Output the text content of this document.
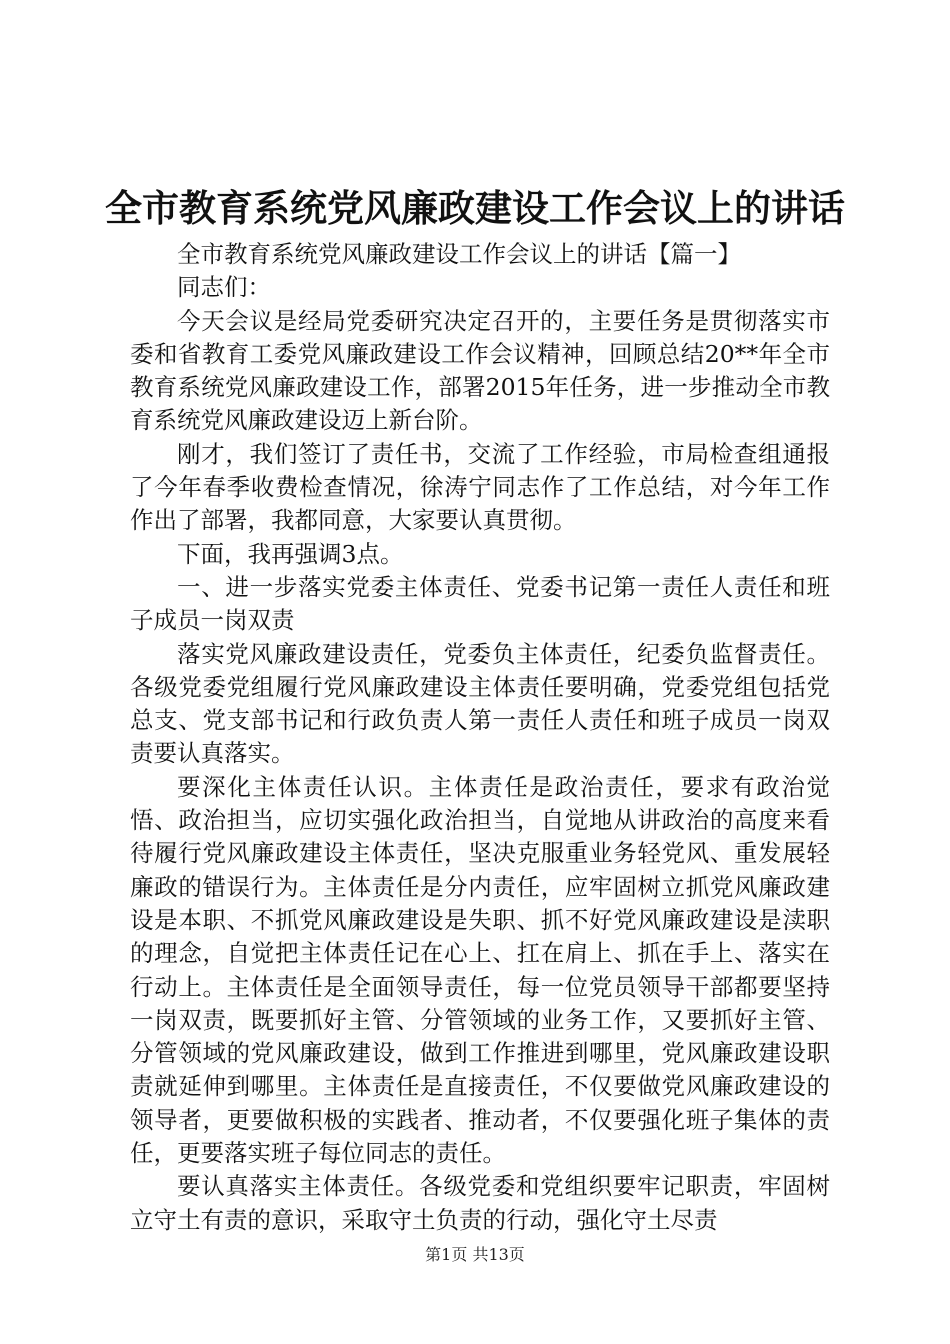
全市教育系统党风廉政建设工作会议上的讲话

全市教育系统党风廉政建设工作会议上的讲话【篇一】

同志们：

今天会议是经局党委研究决定召开的，主要任务是贯彻落实市委和省教育工委党风廉政建设工作会议精神，回顾总结20**年全市教育系统党风廉政建设工作，部署2015年任务，进一步推动全市教育系统党风廉政建设迈上新台阶。

刚才，我们签订了责任书，交流了工作经验，市局检查组通报了今年春季收费检查情况，徐涛宁同志作了工作总结，对今年工作作出了部署，我都同意，大家要认真贯彻。

下面，我再强调3点。

一、进一步落实党委主体责任、党委书记第一责任人责任和班子成员一岗双责

落实党风廉政建设责任，党委负主体责任，纪委负监督责任。各级党委党组履行党风廉政建设主体责任要明确，党委党组包括党总支、党支部书记和行政负责人第一责任人责任和班子成员一岗双责要认真落实。

要深化主体责任认识。主体责任是政治责任，要求有政治觉悟、政治担当，应切实强化政治担当，自觉地从讲政治的高度来看待履行党风廉政建设主体责任，坚决克服重业务轻党风、重发展轻廉政的错误行为。主体责任是分内责任，应牢固树立抓党风廉政建设是本职、不抓党风廉政建设是失职、抓不好党风廉政建设是渎职的理念，自觉把主体责任记在心上、扛在肩上、抓在手上、落实在行动上。主体责任是全面领导责任，每一位党员领导干部都要坚持一岗双责，既要抓好主管、分管领域的业务工作，又要抓好主管、分管领域的党风廉政建设，做到工作推进到哪里，党风廉政建设职责就延伸到哪里。主体责任是直接责任，不仅要做党风廉政建设的领导者，更要做积极的实践者、推动者，不仅要强化班子集体的责任，更要落实班子每位同志的责任。

要认真落实主体责任。各级党委和党组织要牢记职责，牢固树立守土有责的意识，采取守土负责的行动，强化守土尽责

第1页 共13页
